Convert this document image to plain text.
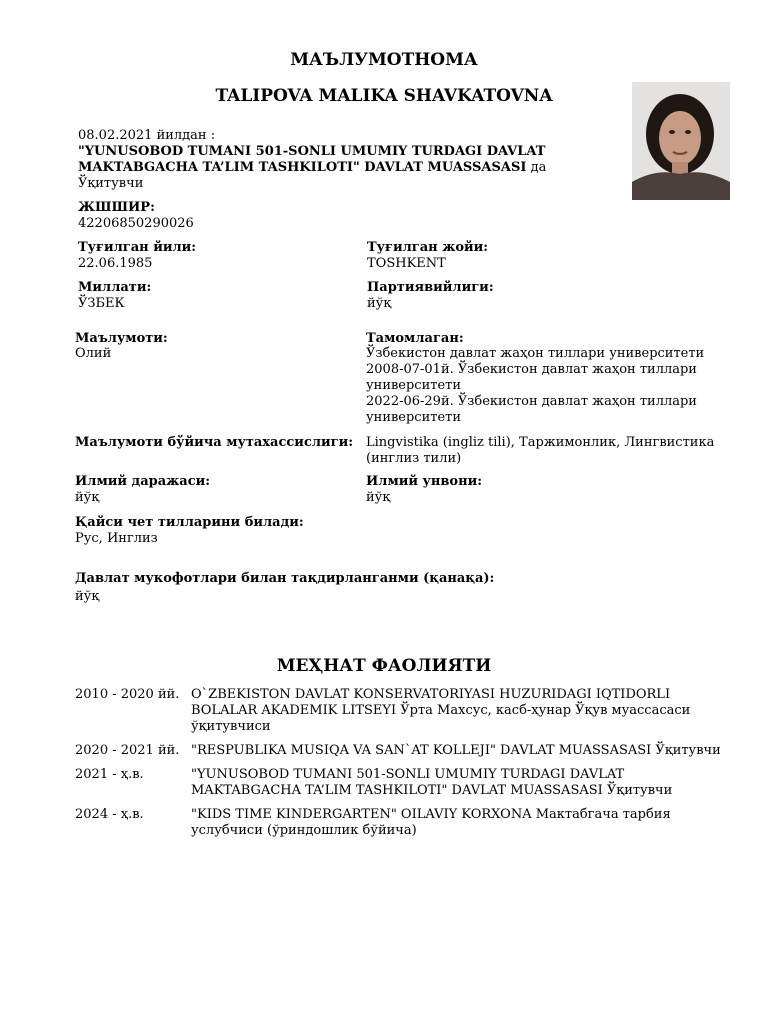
МАЪЛУМОТНОМА
TALIPOVA MALIKA SHAVKATOVNA
08.02.2021 йилдан :
"YUNUSOBOD TUMANI 501-SONLI UMUMIY TURDAGI DAVLAT MAKTABGACHA TA’LIM TASHKILOTI" DAVLAT MUASSASASI да Ўқитувчи
ЖШШИР:
42206850290026
Туғилган йили:
22.06.1985
Туғилган жойи:
TOSHKENT
Миллати:
ЎЗБЕК
Партиявийлиги:
йўқ
Маълумоти:
Олий
Тамомлаган:
Ўзбекистон давлат жаҳон тиллари университети
2008-07-01й. Ўзбекистон давлат жаҳон тиллари
университети
2022-06-29й. Ўзбекистон давлат жаҳон тиллари
университети
Маълумоти бўйича мутахассислиги: Lingvistika (ingliz tili), Таржимонлик, Лингвистика (инглиз тили)
Илмий даражаси:
йўқ
Илмий унвони:
йўқ
Қайси чет тилларини билади:
Рус, Инглиз
Давлат мукофотлари билан тақдирланганми (қанақа):
йўқ
МЕҲНАТ ФАОЛИЯТИ
2010 - 2020 йй. O`ZBEKISTON DAVLAT KONSERVATORIYASI HUZURIDAGI IQTIDORLI BOLALAR AKADEMIK LITSEYI Ўрта Махсус, касб-ҳунар Ўқув муассасаси ўқитувчиси
2020 - 2021 йй. "RESPUBLIKA MUSIQA VA SAN`AT KOLLEJI" DAVLAT MUASSASASI Ўқитувчи
2021 - ҳ.в.	"YUNUSOBOD TUMANI 501-SONLI UMUMIY TURDAGI DAVLAT MAKTABGACHA TA’LIM TASHKILOTI" DAVLAT MUASSASASI Ўқитувчи
2024 - ҳ.в.	"KIDS TIME KINDERGARTEN" OILAVIY KORXONA Мактабгача тарбия услубчиси (ўриндошлик бўйича)
